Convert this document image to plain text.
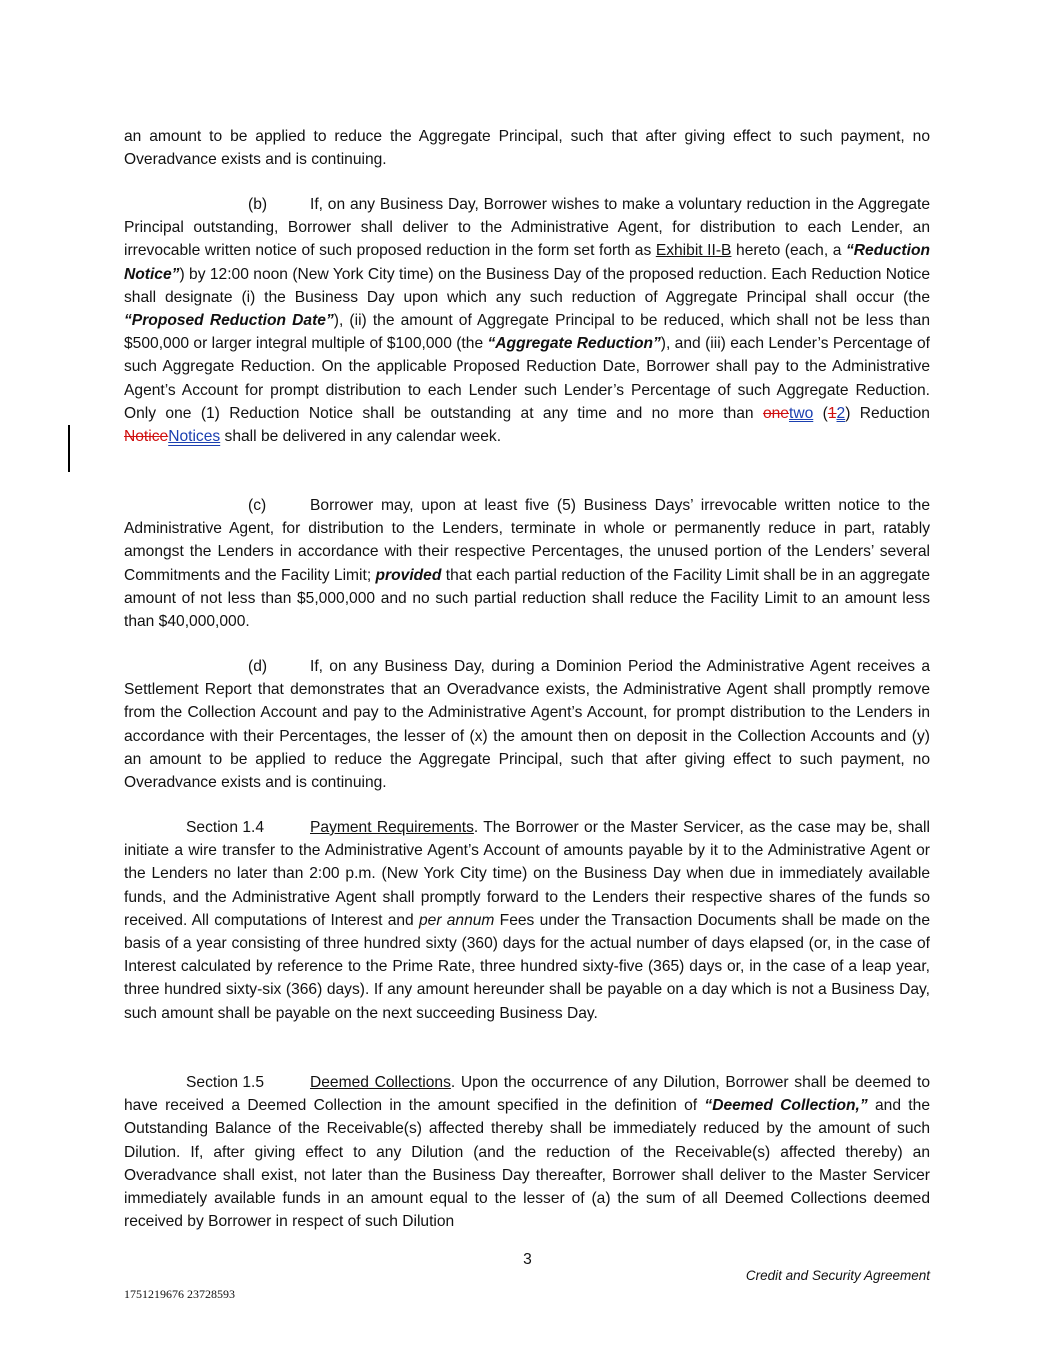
an amount to be applied to reduce the Aggregate Principal, such that after giving effect to such payment, no Overadvance exists and is continuing.

(b)	If, on any Business Day, Borrower wishes to make a voluntary reduction in the Aggregate Principal outstanding, Borrower shall deliver to the Administrative Agent, for distribution to each Lender, an irrevocable written notice of such proposed reduction in the form set forth as Exhibit II-B hereto (each, a “Reduction Notice”) by 12:00 noon (New York City time) on the Business Day of the proposed reduction. Each Reduction Notice shall designate (i) the Business Day upon which any such reduction of Aggregate Principal shall occur (the “Proposed Reduction Date”), (ii) the amount of Aggregate Principal to be reduced, which shall not be less than $500,000 or larger integral multiple of $100,000 (the “Aggregate Reduction”), and (iii) each Lender’s Percentage of such Aggregate Reduction. On the applicable Proposed Reduction Date, Borrower shall pay to the Administrative Agent’s Account for prompt distribution to each Lender such Lender’s Percentage of such Aggregate Reduction. Only one (1) Reduction Notice shall be outstanding at any time and no more than onetwo (12) Reduction NoticeNotices shall be delivered in any calendar week.

(c)	Borrower may, upon at least five (5) Business Days’ irrevocable written notice to the Administrative Agent, for distribution to the Lenders, terminate in whole or permanently reduce in part, ratably amongst the Lenders in accordance with their respective Percentages, the unused portion of the Lenders’ several Commitments and the Facility Limit; provided that each partial reduction of the Facility Limit shall be in an aggregate amount of not less than $5,000,000 and no such partial reduction shall reduce the Facility Limit to an amount less than $40,000,000.

(d)	If, on any Business Day, during a Dominion Period the Administrative Agent receives a Settlement Report that demonstrates that an Overadvance exists, the Administrative Agent shall promptly remove from the Collection Account and pay to the Administrative Agent’s Account, for prompt distribution to the Lenders in accordance with their Percentages, the lesser of (x) the amount then on deposit in the Collection Accounts and (y) an amount to be applied to reduce the Aggregate Principal, such that after giving effect to such payment, no Overadvance exists and is continuing.

Section 1.4	Payment Requirements. The Borrower or the Master Servicer, as the case may be, shall initiate a wire transfer to the Administrative Agent’s Account of amounts payable by it to the Administrative Agent or the Lenders no later than 2:00 p.m. (New York City time) on the Business Day when due in immediately available funds, and the Administrative Agent shall promptly forward to the Lenders their respective shares of the funds so received. All computations of Interest and per annum Fees under the Transaction Documents shall be made on the basis of a year consisting of three hundred sixty (360) days for the actual number of days elapsed (or, in the case of Interest calculated by reference to the Prime Rate, three hundred sixty-five (365) days or, in the case of a leap year, three hundred sixty-six (366) days). If any amount hereunder shall be payable on a day which is not a Business Day, such amount shall be payable on the next succeeding Business Day.

Section 1.5	Deemed Collections. Upon the occurrence of any Dilution, Borrower shall be deemed to have received a Deemed Collection in the amount specified in the definition of “Deemed Collection,” and the Outstanding Balance of the Receivable(s) affected thereby shall be immediately reduced by the amount of such Dilution. If, after giving effect to any Dilution (and the reduction of the Receivable(s) affected thereby) an Overadvance shall exist, not later than the Business Day thereafter, Borrower shall deliver to the Master Servicer immediately available funds in an amount equal to the lesser of (a) the sum of all Deemed Collections deemed received by Borrower in respect of such Dilution

3

Credit and Security Agreement

1751219676 23728593
